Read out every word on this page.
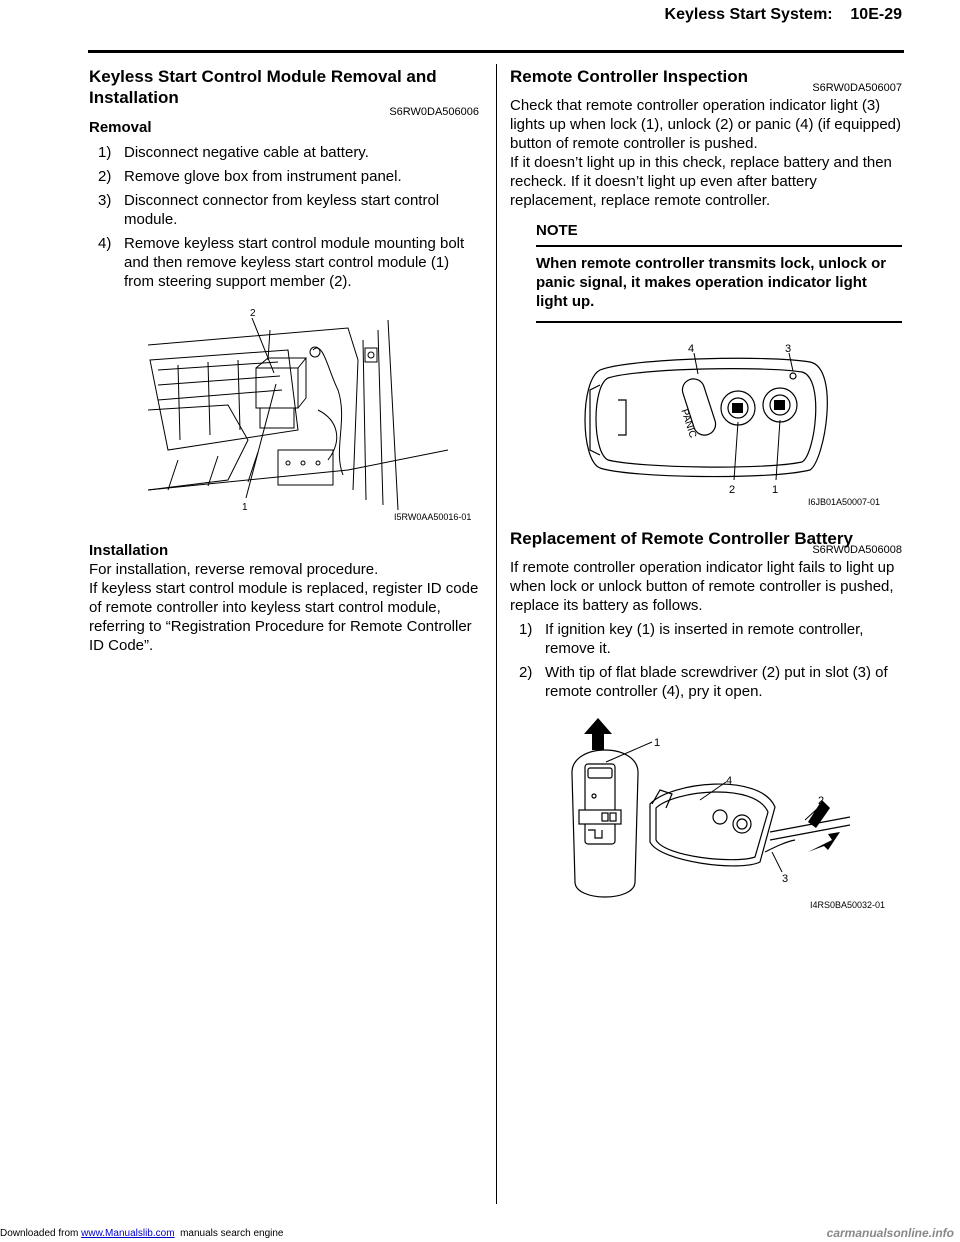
Keyless Start System:    10E-29
Keyless Start Control Module Removal and Installation
S6RW0DA506006
Removal
1) Disconnect negative cable at battery.
2) Remove glove box from instrument panel.
3) Disconnect connector from keyless start control module.
4) Remove keyless start control module mounting bolt and then remove keyless start control module (1) from steering support member (2).
2
1
I5RW0AA50016-01
Installation
For installation, reverse removal procedure.
If keyless start control module is replaced, register ID code of remote controller into keyless start control module, referring to “Registration Procedure for Remote Controller ID Code”.
Remote Controller Inspection
S6RW0DA506007
Check that remote controller operation indicator light (3) lights up when lock (1), unlock (2) or panic (4) (if equipped) button of remote controller is pushed.
If it doesn’t light up in this check, replace battery and then recheck. If it doesn’t light up even after battery replacement, replace remote controller.
NOTE
When remote controller transmits lock, unlock or panic signal, it makes operation indicator light light up.
PANIC
4	3
2	1
I6JB01A50007-01
Replacement of Remote Controller Battery
S6RW0DA506008
If remote controller operation indicator light fails to light up when lock or unlock button of remote controller is pushed, replace its battery as follows.
1) If ignition key (1) is inserted in remote controller, remove it.
2) With tip of flat blade screwdriver (2) put in slot (3) of remote controller (4), pry it open.
1
4
2
3
I4RS0BA50032-01
Downloaded from www.Manualslib.com  manuals search engine	carmanualsonline.info
